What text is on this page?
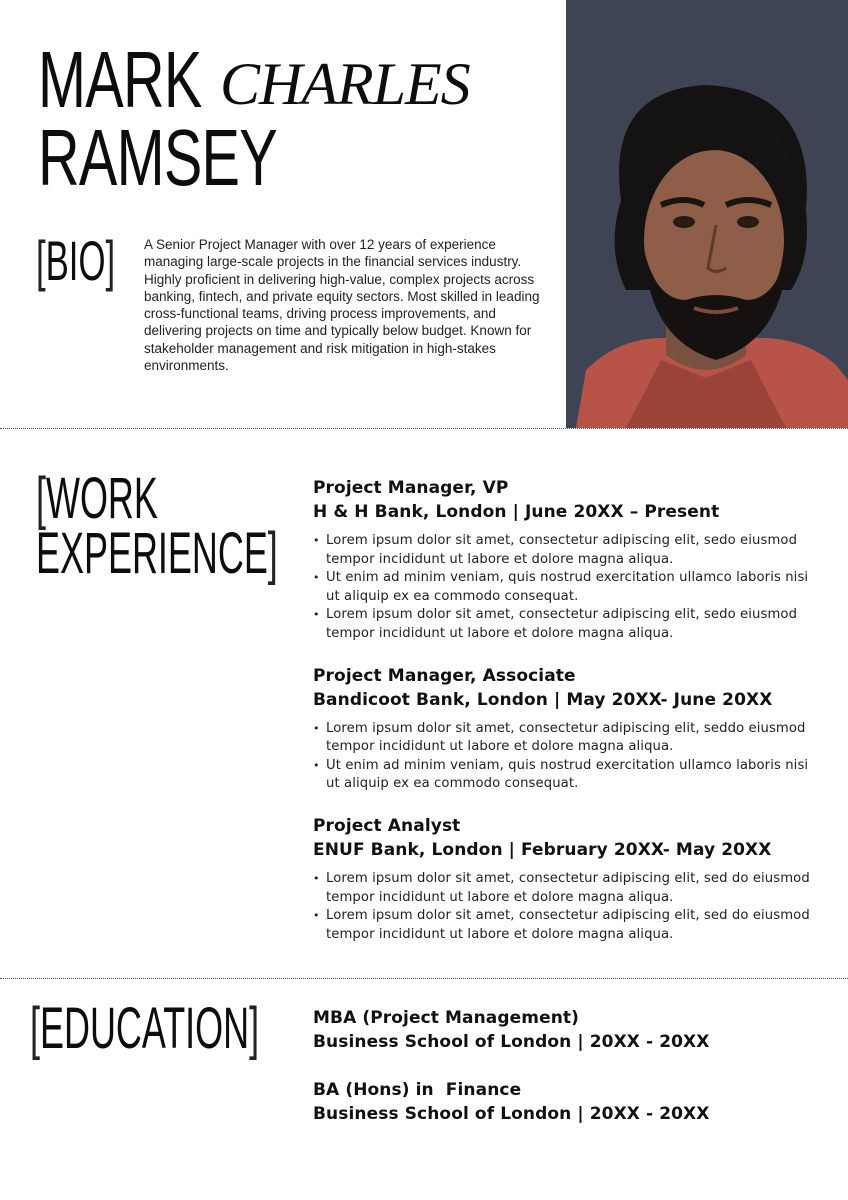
MARK CHARLES
RAMSEY
[BIO] A Senior Project Manager with over 12 years of experience managing large-scale projects in the financial services industry. Highly proficient in delivering high-value, complex projects across banking, fintech, and private equity sectors. Most skilled in leading cross-functional teams, driving process improvements, and delivering projects on time and typically below budget. Known for stakeholder management and risk mitigation in high-stakes environments.

[WORK
EXPERIENCE]
Project Manager, VP
H & H Bank, London | June 20XX – Present
• Lorem ipsum dolor sit amet, consectetur adipiscing elit, sedo eiusmod tempor incididunt ut labore et dolore magna aliqua.
• Ut enim ad minim veniam, quis nostrud exercitation ullamco laboris nisi ut aliquip ex ea commodo consequat.
• Lorem ipsum dolor sit amet, consectetur adipiscing elit, sedo eiusmod tempor incididunt ut labore et dolore magna aliqua.
Project Manager, Associate
Bandicoot Bank, London | May 20XX- June 20XX
• Lorem ipsum dolor sit amet, consectetur adipiscing elit, seddo eiusmod tempor incididunt ut labore et dolore magna aliqua.
• Ut enim ad minim veniam, quis nostrud exercitation ullamco laboris nisi ut aliquip ex ea commodo consequat.
Project Analyst
ENUF Bank, London | February 20XX- May 20XX
• Lorem ipsum dolor sit amet, consectetur adipiscing elit, sed do eiusmod tempor incididunt ut labore et dolore magna aliqua.
• Lorem ipsum dolor sit amet, consectetur adipiscing elit, sed do eiusmod tempor incididunt ut labore et dolore magna aliqua.
[EDUCATION]	MBA (Project Management)
Business School of London | 20XX - 20XX
BA (Hons) in  Finance
Business School of London | 20XX - 20XX
